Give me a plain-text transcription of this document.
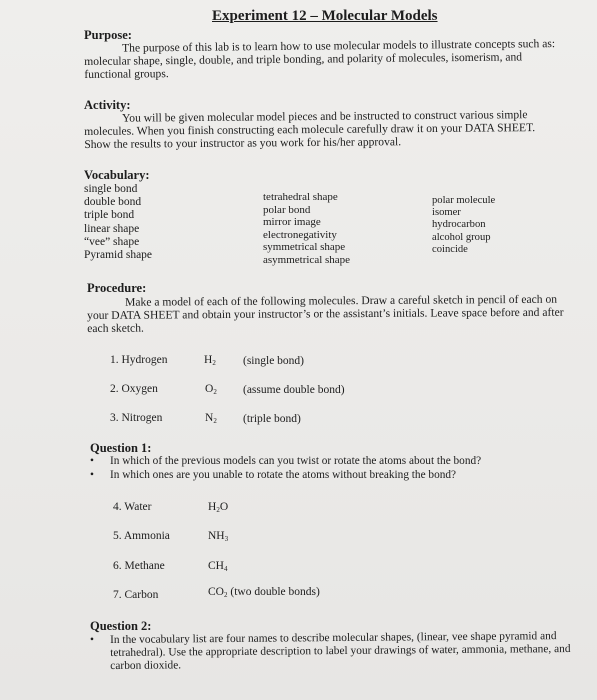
Experiment 12 – Molecular Models
Purpose:
The purpose of this lab is to learn how to use molecular models to illustrate concepts such as: molecular shape, single, double, and triple bonding, and polarity of molecules, isomerism, and functional groups.
Activity:
You will be given molecular model pieces and be instructed to construct various simple molecules. When you finish constructing each molecule carefully draw it on your DATA SHEET. Show the results to your instructor as you work for his/her approval.
Vocabulary:
single bond
double bond
triple bond
linear shape
“vee” shape
Pyramid shape
tetrahedral shape
polar bond
mirror image
electronegativity
symmetrical shape
asymmetrical shape
polar molecule
isomer
hydrocarbon
alcohol group
coincide
Procedure:
Make a model of each of the following molecules. Draw a careful sketch in pencil of each on your DATA SHEET and obtain your instructor’s or the assistant’s initials. Leave space before and after each sketch.
1. Hydrogen	$H_2$ (single bond)
2. Oxygen	$O_2$ (assume double bond)
3. Nitrogen	$N_2$ (triple bond)
Question 1:
• In which of the previous models can you twist or rotate the atoms about the bond?
• In which ones are you unable to rotate the atoms without breaking the bond?
4. Water	$H_2O$
5. Ammonia	$NH_3$
6. Methane	$CH_4$
7. Carbon	$CO_2$ (two double bonds)
Question 2:
• In the vocabulary list are four names to describe molecular shapes, (linear, vee shape pyramid and tetrahedral). Use the appropriate description to label your drawings of water, ammonia, methane, and carbon dioxide.
